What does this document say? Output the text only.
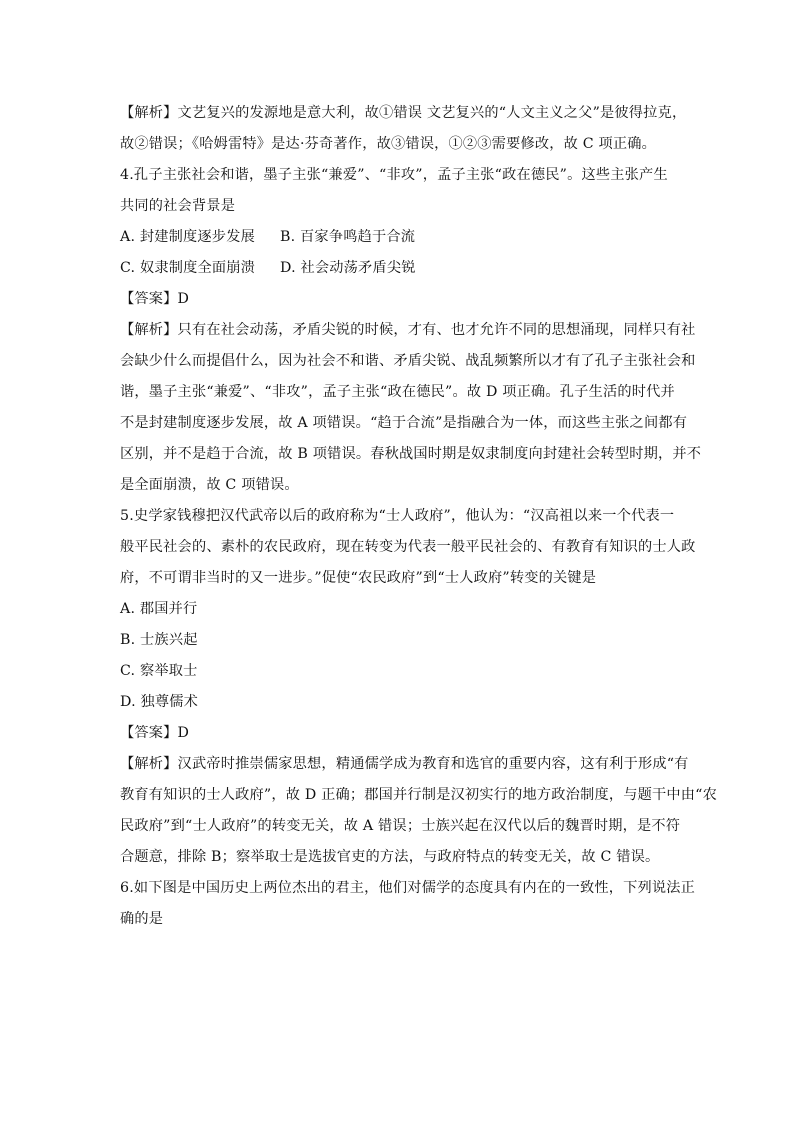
【解析】文艺复兴的发源地是意大利，故①错误 文艺复兴的“人文主义之父”是彼得拉克，
故②错误；《哈姆雷特》是达·芬奇著作，故③错误，①②③需要修改，故 C 项正确。
4.孔子主张社会和谐，墨子主张“兼爱”、“非攻”，孟子主张“政在德民”。这些主张产生
共同的社会背景是
A. 封建制度逐步发展	B. 百家争鸣趋于合流
C. 奴隶制度全面崩溃	D. 社会动荡矛盾尖锐
【答案】D
【解析】只有在社会动荡，矛盾尖锐的时候，才有、也才允许不同的思想涌现，同样只有社
会缺少什么而提倡什么，因为社会不和谐、矛盾尖锐、战乱频繁所以才有了孔子主张社会和
谐，墨子主张“兼爱”、“非攻”，孟子主张“政在德民”。故 D 项正确。孔子生活的时代并
不是封建制度逐步发展，故 A 项错误。“趋于合流”是指融合为一体，而这些主张之间都有
区别，并不是趋于合流，故 B 项错误。春秋战国时期是奴隶制度向封建社会转型时期，并不
是全面崩溃，故 C 项错误。
5.史学家钱穆把汉代武帝以后的政府称为“士人政府”，他认为：“汉高祖以来一个代表一
般平民社会的、素朴的农民政府，现在转变为代表一般平民社会的、有教育有知识的士人政
府，不可谓非当时的又一进步。”促使“农民政府”到“士人政府”转变的关键是
A. 郡国并行
B. 士族兴起
C. 察举取士
D. 独尊儒术
【答案】D
【解析】汉武帝时推崇儒家思想，精通儒学成为教育和选官的重要内容，这有利于形成“有
教育有知识的士人政府”，故 D 正确；郡国并行制是汉初实行的地方政治制度，与题干中由“农
民政府”到“士人政府”的转变无关，故 A 错误；士族兴起在汉代以后的魏晋时期，是不符
合题意，排除 B；察举取士是选拔官吏的方法，与政府特点的转变无关，故 C 错误。
6.如下图是中国历史上两位杰出的君主，他们对儒学的态度具有内在的一致性，下列说法正
确的是
